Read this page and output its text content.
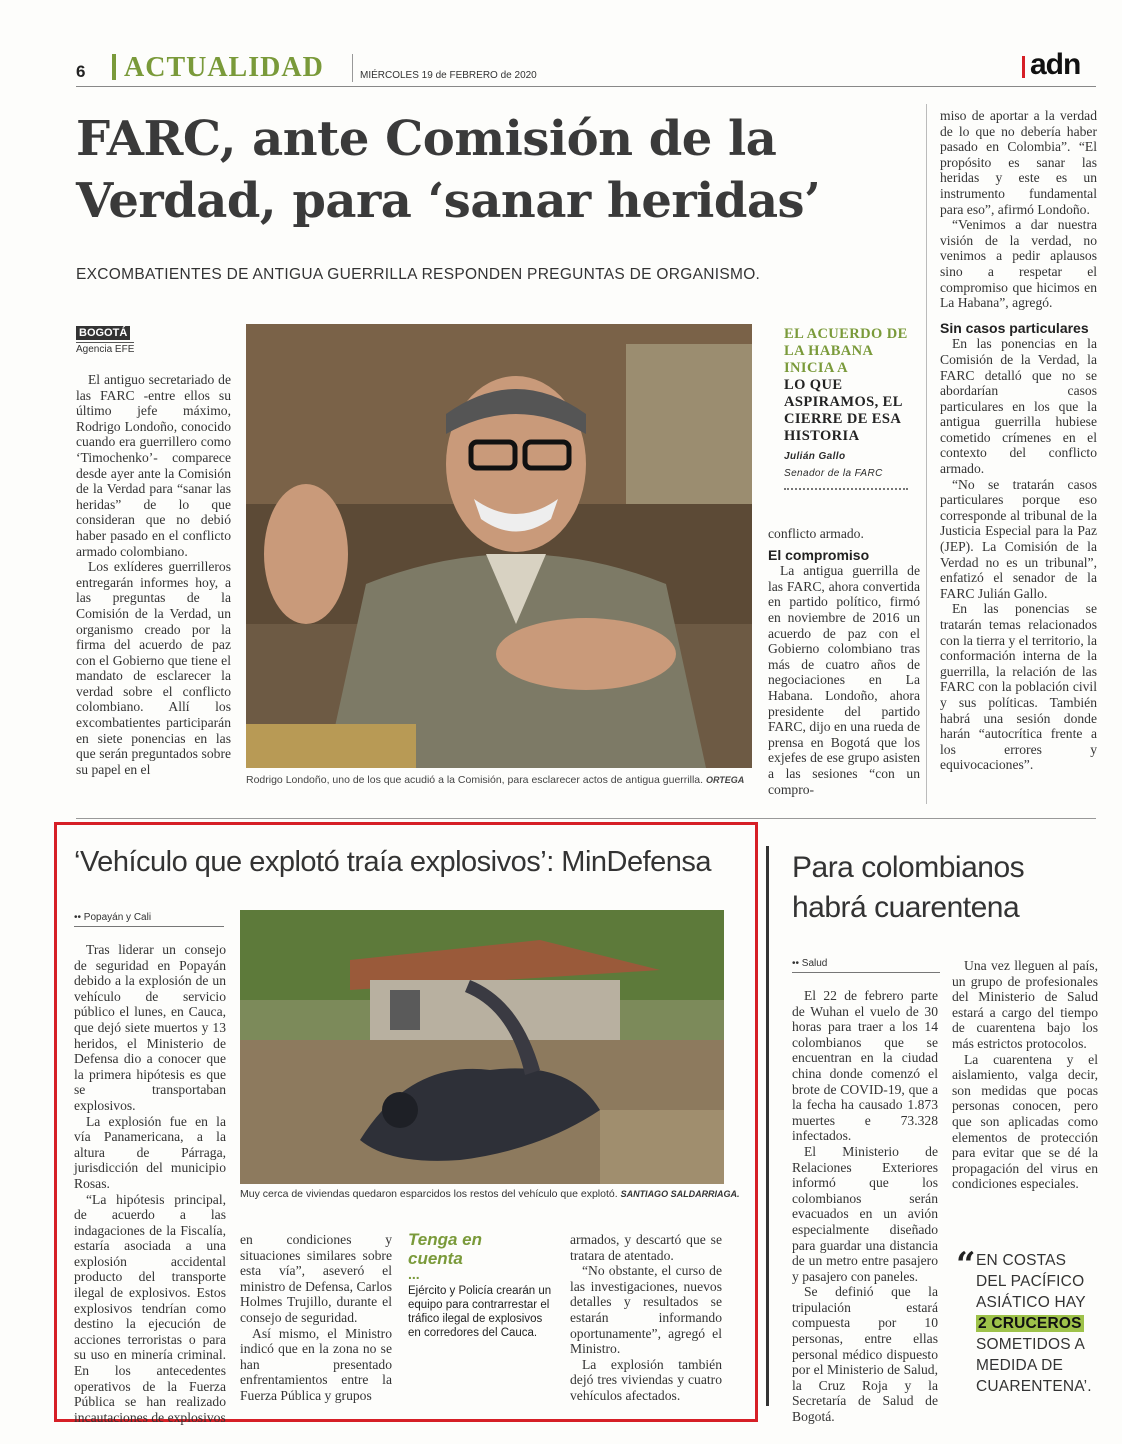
6 ACTUALIDAD	MIÉRCOLES 19 de FEBRERO de 2020	adn
FARC, ante Comisión de la
Verdad, para ‘sanar heridas’
EXCOMBATIENTES DE ANTIGUA GUERRILLA RESPONDEN PREGUNTAS DE ORGANISMO.
BOGOTÁ
Agencia EFE

El antiguo secretariado de las FARC -entre ellos su último jefe máximo, Rodrigo Londoño, conocido cuando era guerrillero como ‘Timochenko’- comparece desde ayer ante la Comisión de la Verdad para “sanar las heridas” de lo que consideran que no debió haber pasado en el conflicto armado colombiano.

Los exlíderes guerrilleros entregarán informes hoy, a las preguntas de la Comisión de la Verdad, un organismo creado por la firma del acuerdo de paz con el Gobierno que tiene el mandato de esclarecer la verdad sobre el conflicto colombiano. Allí los excombatientes participarán en siete ponencias en las que serán preguntados sobre su papel en el

Rodrigo Londoño, uno de los que acudió a la Comisión, para esclarecer actos de antigua guerrilla. ORTEGA
EL ACUERDO DE LA HABANA INICIA A
LO QUE ASPIRAMOS, EL CIERRE DE ESA HISTORIA
Julián Gallo
Senador de la FARC
conflicto armado.
El compromiso

La antigua guerrilla de las FARC, ahora convertida en partido político, firmó en noviembre de 2016 un acuerdo de paz con el Gobierno colombiano tras más de cuatro años de negociaciones en La Habana. Londoño, ahora presidente del partido FARC, dijo en una rueda de prensa en Bogotá que los exjefes de ese grupo asisten a las sesiones “con un compro-

miso de aportar a la verdad de lo que no debería haber pasado en Colombia”. “El propósito es sanar las heridas y este es un instrumento fundamental para eso”, afirmó Londoño.

“Venimos a dar nuestra visión de la verdad, no venimos a pedir aplausos sino a respetar el compromiso que hicimos en La Habana”, agregó.

Sin casos particulares

En las ponencias en la Comisión de la Verdad, la FARC detalló que no se abordarían casos particulares en los que la antigua guerrilla hubiese cometido crímenes en el contexto del conflicto armado.

“No se tratarán casos particulares porque eso corresponde al tribunal de la Justicia Especial para la Paz (JEP). La Comisión de la Verdad no es un tribunal”, enfatizó el senador de la FARC Julián Gallo.

En las ponencias se tratarán temas relacionados con la tierra y el territorio, la conformación interna de la guerrilla, la relación de las FARC con la población civil y sus políticas. También habrá una sesión donde harán “autocrítica frente a los errores y equivocaciones”.

‘Vehículo que explotó traía explosivos’: MinDefensa
•• Popayán y Cali

Tras liderar un consejo de seguridad en Popayán debido a la explosión de un vehículo de servicio público el lunes, en Cauca, que dejó siete muertos y 13 heridos, el Ministerio de Defensa dio a conocer que la primera hipótesis es que se transportaban explosivos.

La explosión fue en la vía Panamericana, a la altura de Párraga, jurisdicción del municipio Rosas.

“La hipótesis principal, de acuerdo a las indagaciones de la Fiscalía, estaría asociada a una explosión accidental producto del transporte ilegal de explosivos. Estos explosivos tendrían como destino la ejecución de acciones terroristas o para su uso en minería criminal. En los antecedentes operativos de la Fuerza Pública se han realizado incautaciones de explosivos

Muy cerca de viviendas quedaron esparcidos los restos del vehículo que explotó. SANTIAGO SALDARRIAGA.
en condiciones y situaciones similares sobre esta vía”, aseveró el ministro de Defensa, Carlos Holmes Trujillo, durante el consejo de seguridad.

Así mismo, el Ministro indicó que en la zona no se han presentado enfrentamientos entre la Fuerza Pública y grupos

Tenga en cuenta
...
Ejército y Policía crearán un equipo para contrarrestar el tráfico ilegal de explosivos en corredores del Cauca.
armados, y descartó que se tratara de atentado.

“No obstante, el curso de las investigaciones, nuevos detalles y resultados se estarán informando oportunamente”, agregó el Ministro.

La explosión también dejó tres viviendas y cuatro vehículos afectados.

Para colombianos habrá cuarentena
•• Salud

El 22 de febrero parte de Wuhan el vuelo de 30 horas para traer a los 14 colombianos que se encuentran en la ciudad china donde comenzó el brote de COVID-19, que a la fecha ha causado 1.873 muertes e 73.328 infectados.

El Ministerio de Relaciones Exteriores informó que los colombianos serán evacuados en un avión especialmente diseñado para guardar una distancia de un metro entre pasajero y pasajero con paneles.

Se definió que la tripulación estará compuesta por 10 personas, entre ellas personal médico dispuesto por el Ministerio de Salud, la Cruz Roja y la Secretaría de Salud de Bogotá.

Una vez lleguen al país, un grupo de profesionales del Ministerio de Salud estará a cargo del tiempo de cuarentena bajo los más estrictos protocolos.

La cuarentena y el aislamiento, valga decir, son medidas que pocas personas conocen, pero que son aplicadas como elementos de protección para evitar que se dé la propagación del virus en condiciones especiales.

“ EN COSTAS DEL PACÍFICO ASIÁTICO HAY 2 CRUCEROS SOMETIDOS A MEDIDA DE CUARENTENA’.
